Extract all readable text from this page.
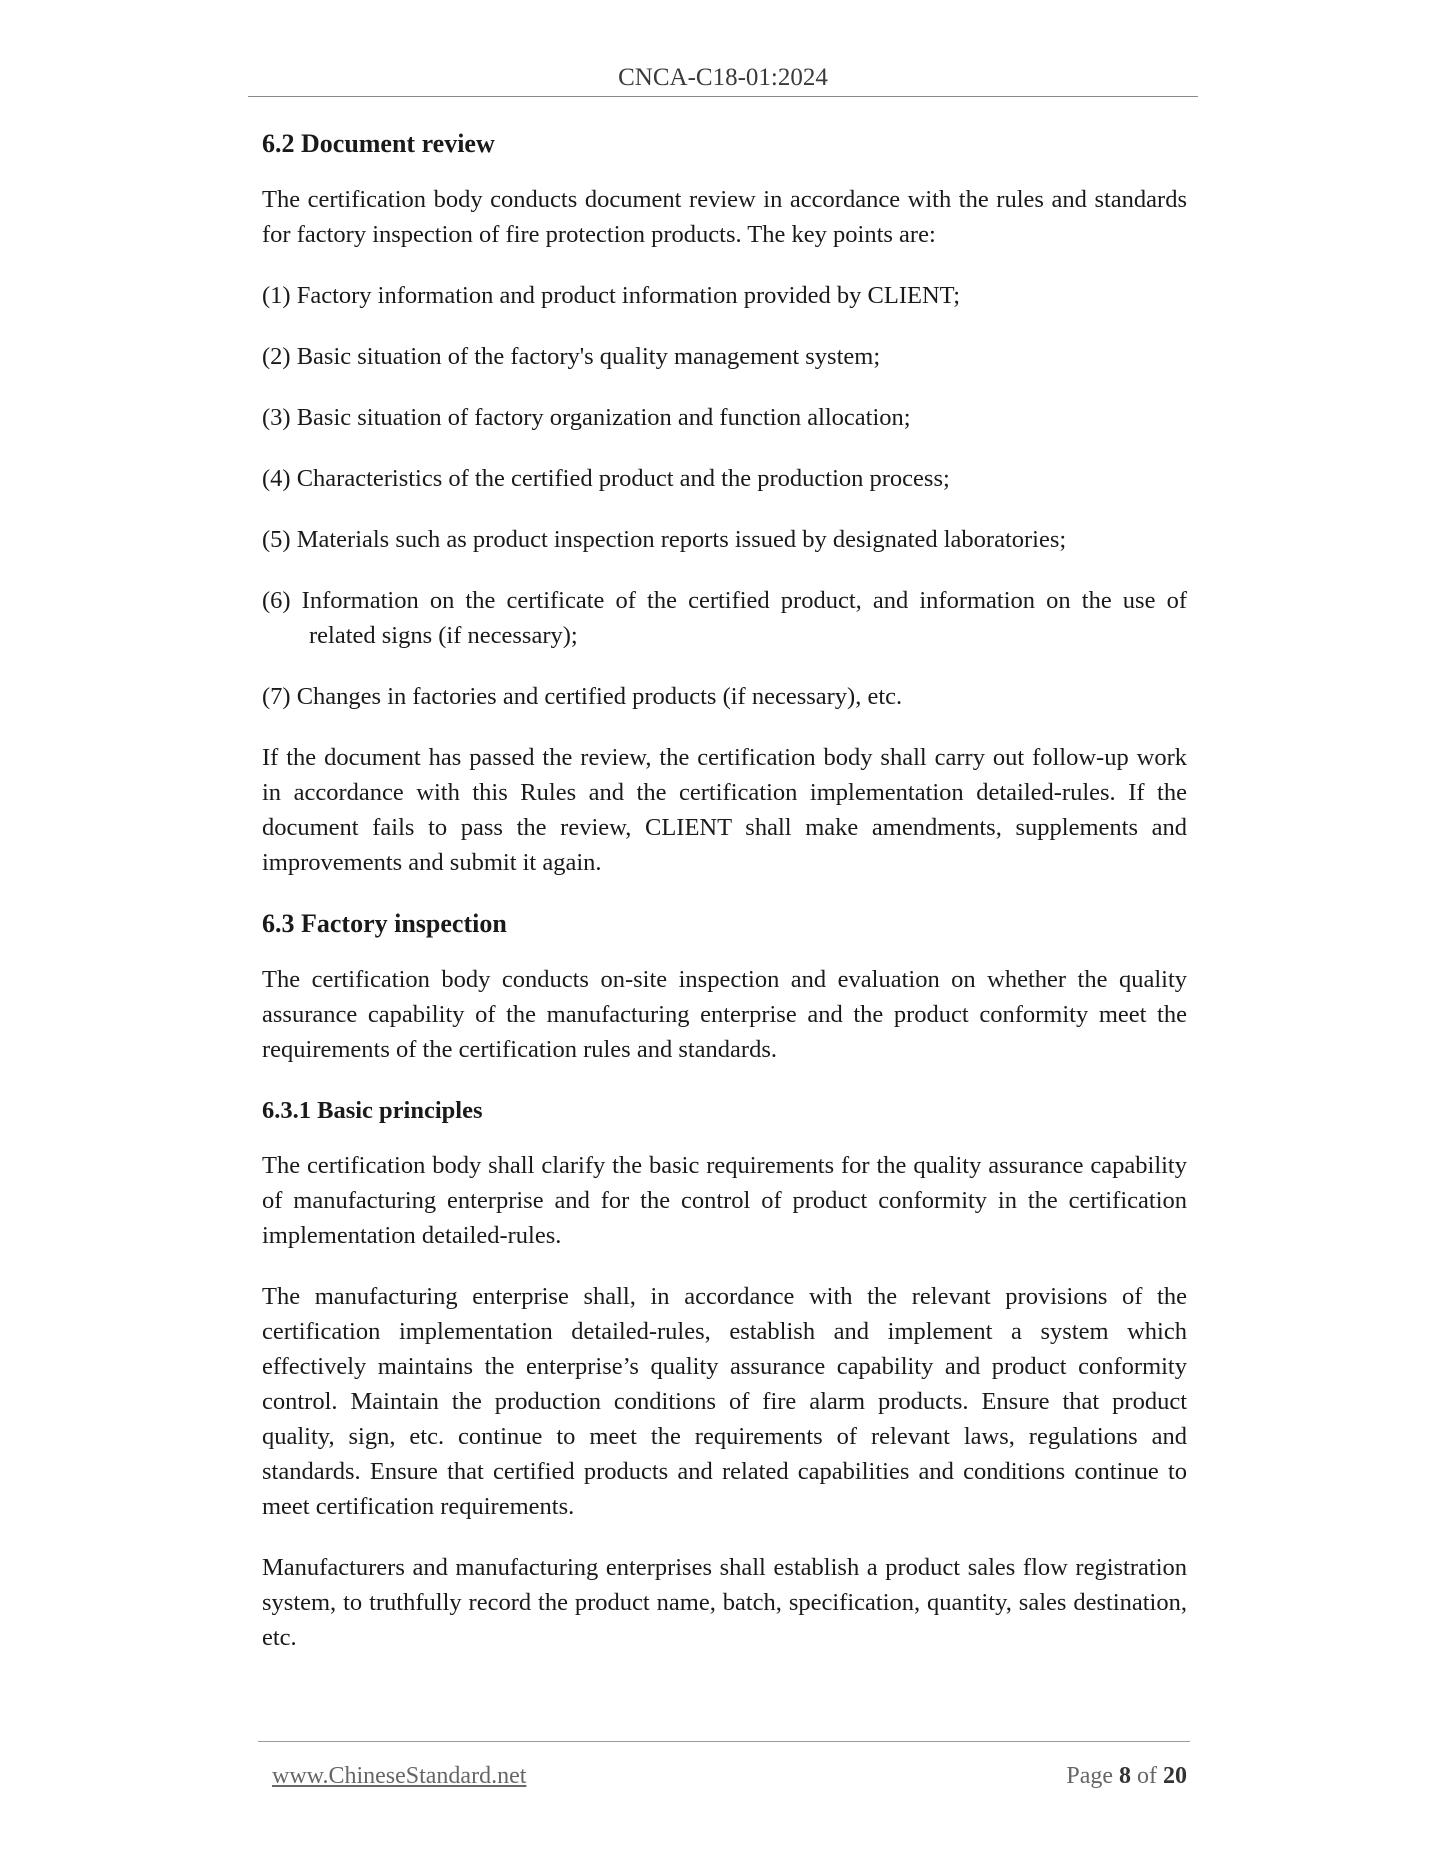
CNCA-C18-01:2024
6.2 Document review

The certification body conducts document review in accordance with the rules and standards for factory inspection of fire protection products. The key points are:

(1) Factory information and product information provided by CLIENT;
(2) Basic situation of the factory's quality management system;
(3) Basic situation of factory organization and function allocation;
(4) Characteristics of the certified product and the production process;
(5) Materials such as product inspection reports issued by designated laboratories;
(6) Information on the certificate of the certified product, and information on the use of related signs (if necessary);
(7) Changes in factories and certified products (if necessary), etc.

If the document has passed the review, the certification body shall carry out follow-up work in accordance with this Rules and the certification implementation detailed-rules. If the document fails to pass the review, CLIENT shall make amendments, supplements and improvements and submit it again.

6.3 Factory inspection

The certification body conducts on-site inspection and evaluation on whether the quality assurance capability of the manufacturing enterprise and the product conformity meet the requirements of the certification rules and standards.

6.3.1 Basic principles

The certification body shall clarify the basic requirements for the quality assurance capability of manufacturing enterprise and for the control of product conformity in the certification implementation detailed-rules.

The manufacturing enterprise shall, in accordance with the relevant provisions of the certification implementation detailed-rules, establish and implement a system which effectively maintains the enterprise’s quality assurance capability and product conformity control. Maintain the production conditions of fire alarm products. Ensure that product quality, sign, etc. continue to meet the requirements of relevant laws, regulations and standards. Ensure that certified products and related capabilities and conditions continue to meet certification requirements.

Manufacturers and manufacturing enterprises shall establish a product sales flow registration system, to truthfully record the product name, batch, specification, quantity, sales destination, etc.

www.ChineseStandard.net	Page 8 of 20
